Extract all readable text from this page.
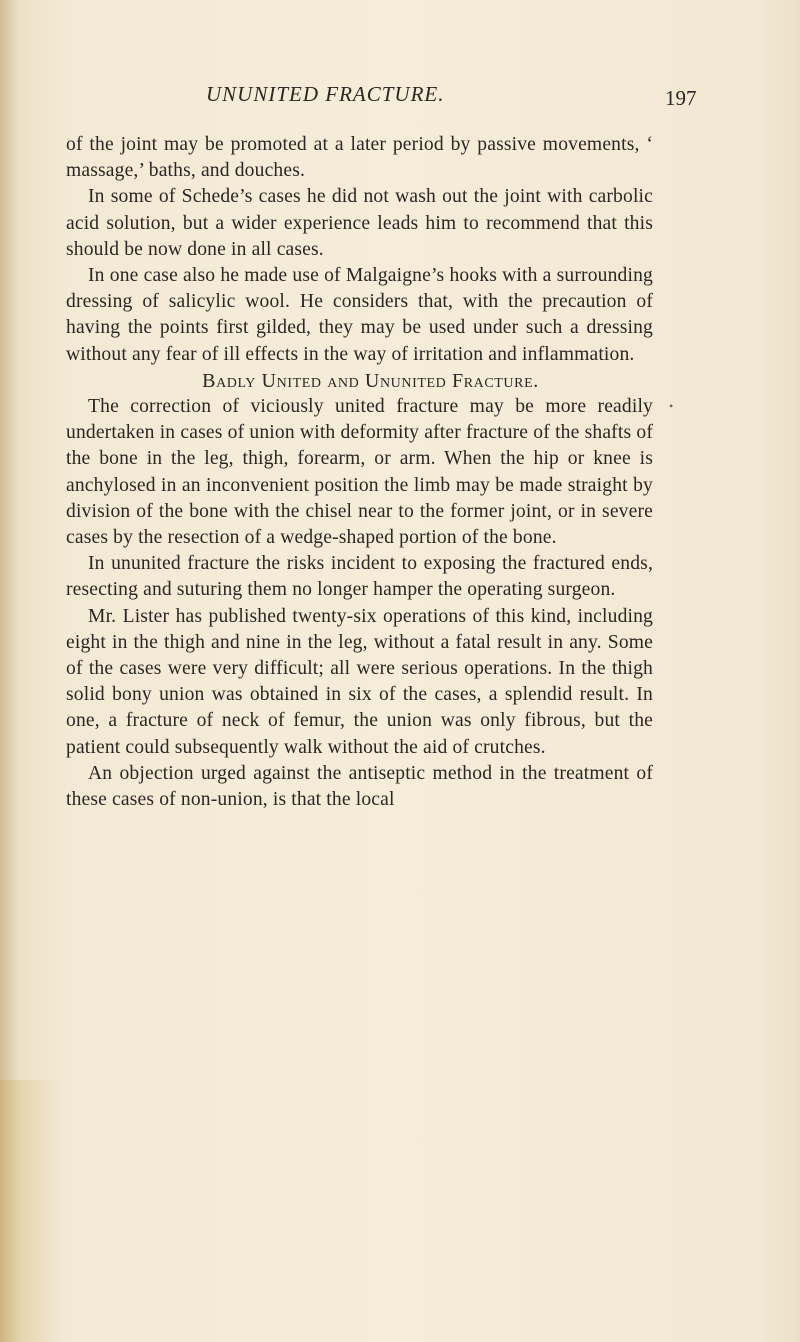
UNUNITED FRACTURE.	197
•

of the joint may be promoted at a later period by passive movements, ‘ massage,’ baths, and douches.

In some of Schede’s cases he did not wash out the joint with carbolic acid solution, but a wider experience leads him to recommend that this should be now done in all cases.

In one case also he made use of Malgaigne’s hooks with a surrounding dressing of salicylic wool. He considers that, with the precaution of having the points first gilded, they may be used under such a dressing without any fear of ill effects in the way of irritation and inflammation.

Badly United and Ununited Fracture.

The correction of viciously united fracture may be more readily undertaken in cases of union with deformity after fracture of the shafts of the bone in the leg, thigh, forearm, or arm. When the hip or knee is anchylosed in an inconvenient position the limb may be made straight by division of the bone with the chisel near to the former joint, or in severe cases by the resection of a wedge-shaped portion of the bone.

In ununited fracture the risks incident to exposing the fractured ends, resecting and suturing them no longer hamper the operating surgeon.

Mr. Lister has published twenty-six operations of this kind, including eight in the thigh and nine in the leg, without a fatal result in any. Some of the cases were very difficult; all were serious operations. In the thigh solid bony union was obtained in six of the cases, a splendid result. In one, a fracture of neck of femur, the union was only fibrous, but the patient could subsequently walk without the aid of crutches.

An objection urged against the antiseptic method in the treatment of these cases of non-union, is that the local
